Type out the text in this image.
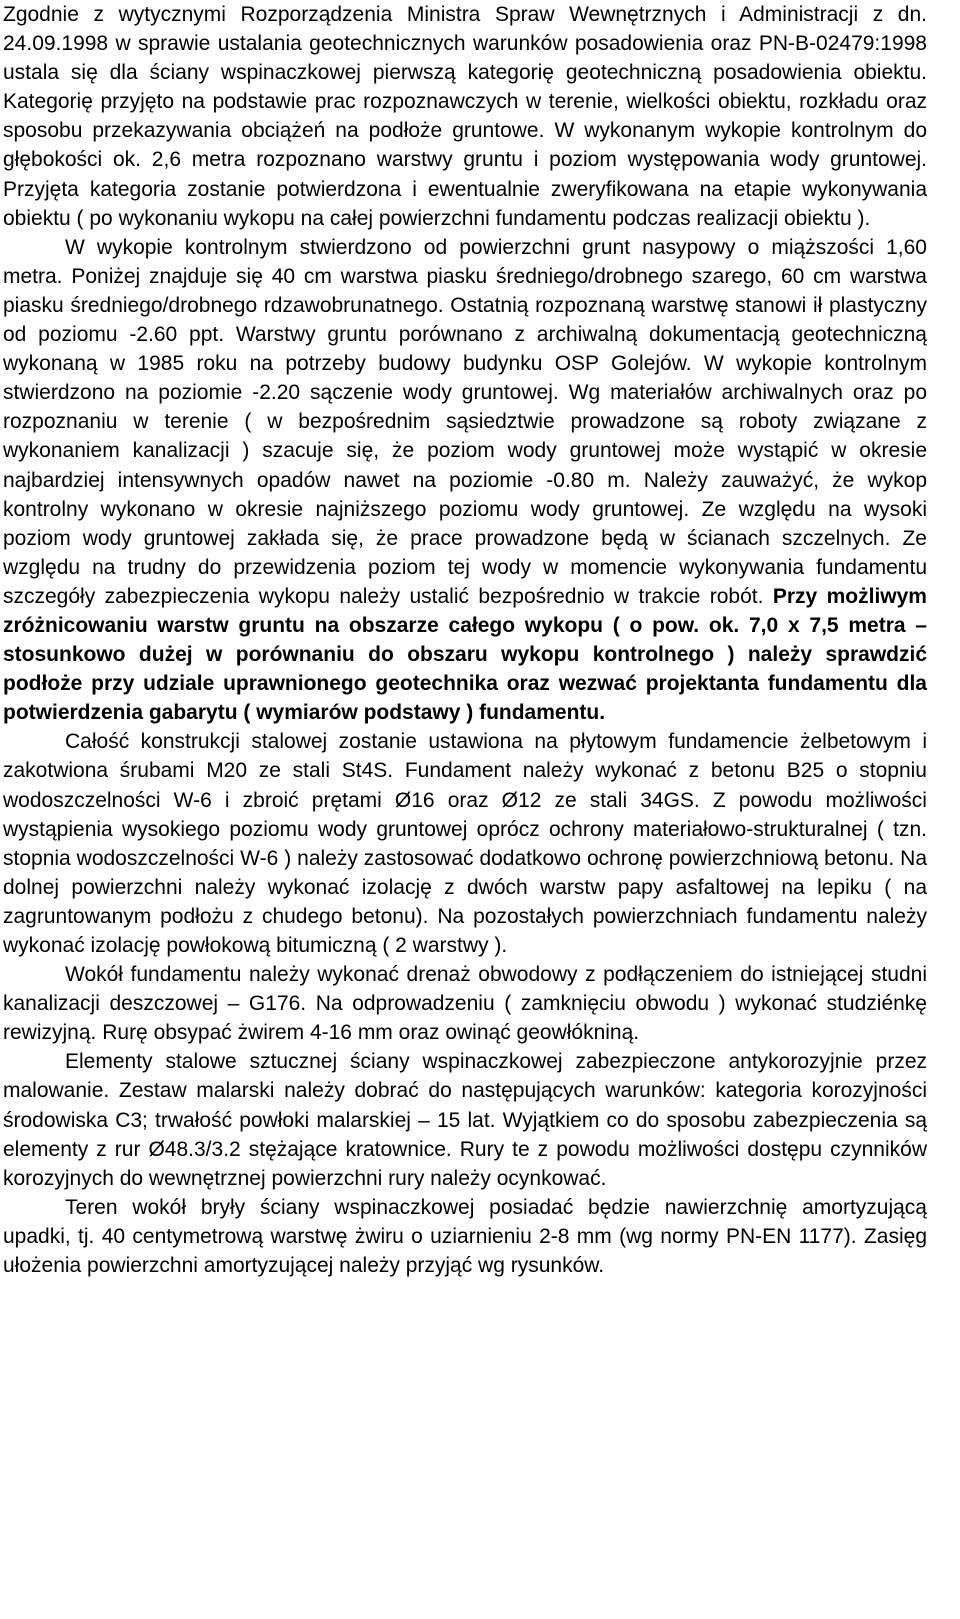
Zgodnie z wytycznymi Rozporządzenia Ministra Spraw Wewnętrznych i Administracji z dn. 24.09.1998 w sprawie ustalania geotechnicznych warunków posadowienia oraz PN-B-02479:1998 ustala się dla ściany wspinaczkowej pierwszą kategorię geotechniczną posadowienia obiektu. Kategorię przyjęto na podstawie prac rozpoznawczych w terenie, wielkości obiektu, rozkładu oraz sposobu przekazywania obciążeń na podłoże gruntowe. W wykonanym wykopie kontrolnym do głębokości ok. 2,6 metra rozpoznano warstwy gruntu i poziom występowania wody gruntowej. Przyjęta kategoria zostanie potwierdzona i ewentualnie zweryfikowana na etapie wykonywania obiektu ( po wykonaniu wykopu na całej powierzchni fundamentu podczas realizacji obiektu ).

W wykopie kontrolnym stwierdzono od powierzchni grunt nasypowy o miąższości 1,60 metra. Poniżej znajduje się 40 cm warstwa piasku średniego/drobnego szarego, 60 cm warstwa piasku średniego/drobnego rdzawobrunatnego. Ostatnią rozpoznaną warstwę stanowi ił plastyczny od poziomu -2.60 ppt. Warstwy gruntu porównano z archiwalną dokumentacją geotechniczną wykonaną w 1985 roku na potrzeby budowy budynku OSP Golejów. W wykopie kontrolnym stwierdzono na poziomie -2.20 sączenie wody gruntowej. Wg materiałów archiwalnych oraz po rozpoznaniu w terenie ( w bezpośrednim sąsiedztwie prowadzone są roboty związane z wykonaniem kanalizacji ) szacuje się, że poziom wody gruntowej może wystąpić w okresie najbardziej intensywnych opadów nawet na poziomie -0.80 m. Należy zauważyć, że wykop kontrolny wykonano w okresie najniższego poziomu wody gruntowej. Ze względu na wysoki poziom wody gruntowej zakłada się, że prace prowadzone będą w ścianach szczelnych. Ze względu na trudny do przewidzenia poziom tej wody w momencie wykonywania fundamentu szczegóły zabezpieczenia wykopu należy ustalić bezpośrednio w trakcie robót. Przy możliwym zróżnicowaniu warstw gruntu na obszarze całego wykopu ( o pow. ok. 7,0 x 7,5 metra – stosunkowo dużej w porównaniu do obszaru wykopu kontrolnego ) należy sprawdzić podłoże przy udziale uprawnionego geotechnika oraz wezwać projektanta fundamentu dla potwierdzenia gabarytu ( wymiarów podstawy ) fundamentu.

Całość konstrukcji stalowej zostanie ustawiona na płytowym fundamencie żelbetowym i zakotwiona śrubami M20 ze stali St4S. Fundament należy wykonać z betonu B25 o stopniu wodoszczelności W-6 i zbroić prętami Ø16 oraz Ø12 ze stali 34GS. Z powodu możliwości wystąpienia wysokiego poziomu wody gruntowej oprócz ochrony materiałowo-strukturalnej ( tzn. stopnia wodoszczelności W-6 ) należy zastosować dodatkowo ochronę powierzchniową betonu. Na dolnej powierzchni należy wykonać izolację z dwóch warstw papy asfaltowej na lepiku ( na zagruntowanym podłożu z chudego betonu). Na pozostałych powierzchniach fundamentu należy wykonać izolację powłokową bitumiczną ( 2 warstwy ).

Wokół fundamentu należy wykonać drenaż obwodowy z podłączeniem do istniejącej studni kanalizacji deszczowej – G176. Na odprowadzeniu ( zamknięciu obwodu ) wykonać studziénkę rewizyjną. Rurę obsypać żwirem 4-16 mm oraz owinąć geowłókniną.

Elementy stalowe sztucznej ściany wspinaczkowej zabezpieczone antykorozyjnie przez malowanie. Zestaw malarski należy dobrać do następujących warunków: kategoria korozyjności środowiska C3; trwałość powłoki malarskiej – 15 lat. Wyjątkiem co do sposobu zabezpieczenia są elementy z rur Ø48.3/3.2 stężające kratownice. Rury te z powodu możliwości dostępu czynników korozyjnych do wewnętrznej powierzchni rury należy ocynkować.

Teren wokół bryły ściany wspinaczkowej posiadać będzie nawierzchnię amortyzującą upadki, tj. 40 centymetrową warstwę żwiru o uziarnieniu 2-8 mm (wg normy PN-EN 1177). Zasięg ułożenia powierzchni amortyzującej należy przyjąć wg rysunków.
